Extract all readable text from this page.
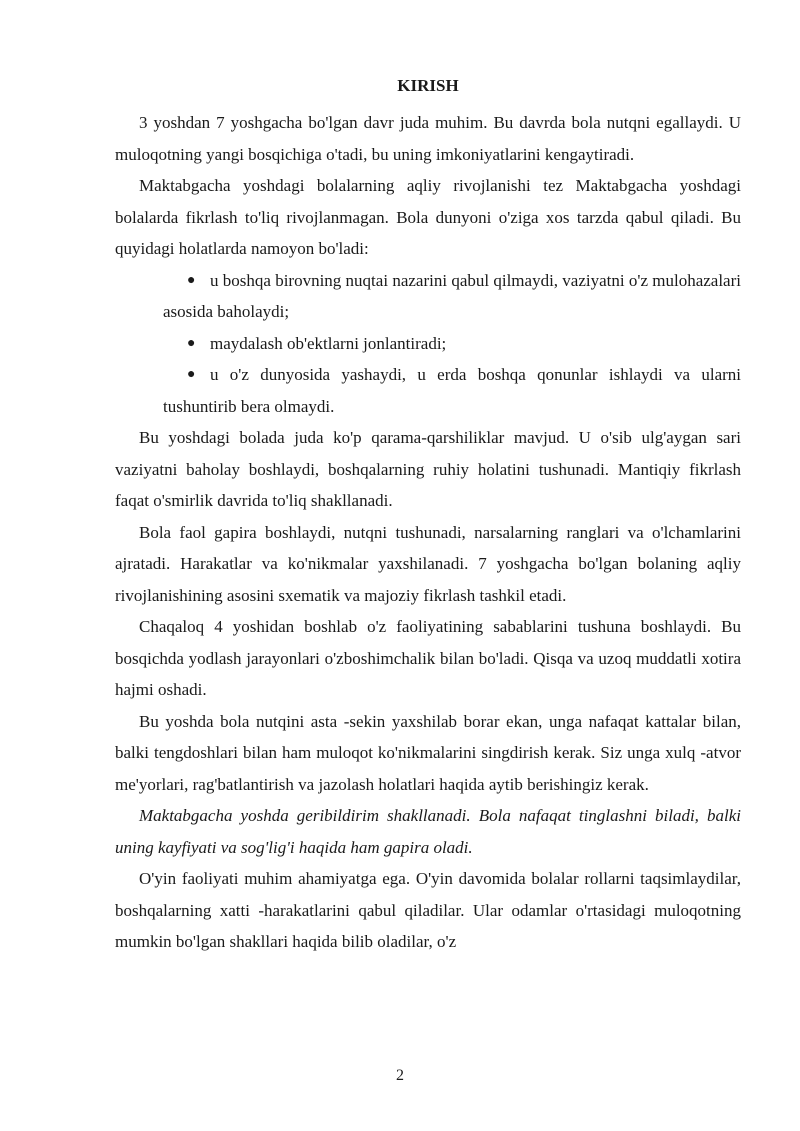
KIRISH

3 yoshdan 7 yoshgacha bo'lgan davr juda muhim. Bu davrda bola nutqni egallaydi. U muloqotning yangi bosqichiga o'tadi, bu uning imkoniyatlarini kengaytiradi.

Maktabgacha yoshdagi bolalarning aqliy rivojlanishi tez Maktabgacha yoshdagi bolalarda fikrlash to'liq rivojlanmagan. Bola dunyoni o'ziga xos tarzda qabul qiladi. Bu quyidagi holatlarda namoyon bo'ladi:

● u boshqa birovning nuqtai nazarini qabul qilmaydi, vaziyatni o'z mulohazalari asosida baholaydi;
● maydalash ob'ektlarni jonlantiradi;
● u o'z dunyosida yashaydi, u erda boshqa qonunlar ishlaydi va ularni tushuntirib bera olmaydi.

Bu yoshdagi bolada juda ko'p qarama-qarshiliklar mavjud. U o'sib ulg'aygan sari vaziyatni baholay boshlaydi, boshqalarning ruhiy holatini tushunadi. Mantiqiy fikrlash faqat o'smirlik davrida to'liq shakllanadi.

Bola faol gapira boshlaydi, nutqni tushunadi, narsalarning ranglari va o'lchamlarini ajratadi. Harakatlar va ko'nikmalar yaxshilanadi. 7 yoshgacha bo'lgan bolaning aqliy rivojlanishining asosini sxematik va majoziy fikrlash tashkil etadi.

Chaqaloq 4 yoshidan boshlab o'z faoliyatining sabablarini tushuna boshlaydi. Bu bosqichda yodlash jarayonlari o'zboshimchalik bilan bo'ladi. Qisqa va uzoq muddatli xotira hajmi oshadi.

Bu yoshda bola nutqini asta -sekin yaxshilab borar ekan, unga nafaqat kattalar bilan, balki tengdoshlari bilan ham muloqot ko'nikmalarini singdirish kerak. Siz unga xulq -atvor me'yorlari, rag'batlantirish va jazolash holatlari haqida aytib berishingiz kerak.

Maktabgacha yoshda geribildirim shakllanadi. Bola nafaqat tinglashni biladi, balki uning kayfiyati va sog'lig'i haqida ham gapira oladi.

O'yin faoliyati muhim ahamiyatga ega. O'yin davomida bolalar rollarni taqsimlaydilar, boshqalarning xatti -harakatlarini qabul qiladilar. Ular odamlar o'rtasidagi muloqotning mumkin bo'lgan shakllari haqida bilib oladilar, o'z

2
